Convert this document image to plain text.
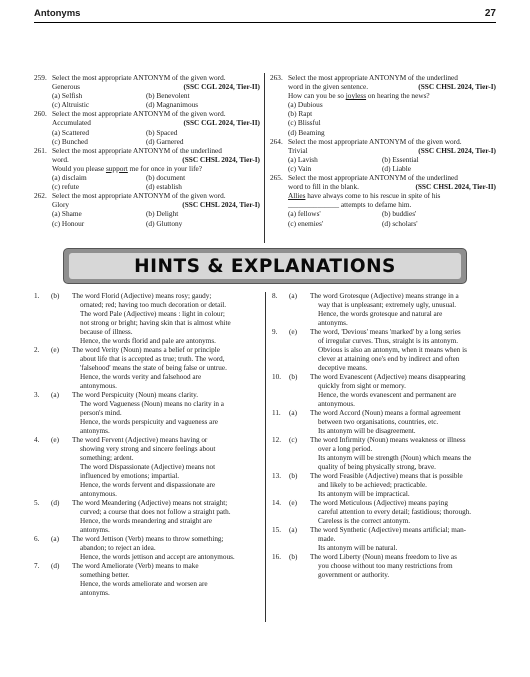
Antonyms	27
259. Select the most appropriate ANTONYM of the given word.
Generous	(SSC CGL 2024, Tier-II)
(a) Selfish	(b) Benevolent
(c) Altruistic	(d) Magnanimous
260. Select the most appropriate ANTONYM of the given word.
Accumulated	(SSC CGL 2024, Tier-II)
(a) Scattered	(b) Spaced
(c) Bunched	(d) Garnered
261. Select the most appropriate ANTONYM of the underlined
word.	(SSC CHSL 2024, Tier-I)
Would you please support me for once in your life?
(a) disclaim	(b) document
(c) refute	(d) establish
262. Select the most appropriate ANTONYM of the given word.
Glory	(SSC CHSL 2024, Tier-I)
(a) Shame	(b) Delight
(c) Honour	(d) Gluttony
263. Select the most appropriate ANTONYM of the underlined
word in the given sentence.	(SSC CHSL 2024, Tier-I)
How can you be so joyless on hearing the news?
(a) Dubious
(b) Rapt
(c) Blissful
(d) Beaming
264. Select the most appropriate ANTONYM of the given word.
Trivial	(SSC CHSL 2024, Tier-I)
(a) Lavish	(b) Essential
(c) Vain	(d) Liable
265. Select the most appropriate ANTONYM of the underlined
word to fill in the blank.	(SSC CHSL 2024, Tier-II)
Allies have always come to his rescue in spite of his
______________ attempts to defame him.
(a) fellows'	(b) buddies'
(c) enemies'	(d) scholars'
HINTS & EXPLANATIONS
1. (b) The word Florid (Adjective) means rosy; gaudy;
ornated; red; having too much decoration or detail.
The word Pale (Adjective) means : light in colour;
not strong or bright; having skin that is almost white
because of illness.
Hence, the words florid and pale are antonyms.
2. (e) The word Verity (Noun) means a belief or principle
about life that is accepted as true; truth. The word,
'falsehood' means the state of being false or untrue.
Hence, the words verity and falsehood are
antonymous.
3. (a) The word Perspicuity (Noun) means clarity.
The word Vagueness (Noun) means no clarity in a
person's mind.
Hence, the words perspicuity and vagueness are
antonyms.
4. (e) The word Fervent (Adjective) means having or
showing very strong and sincere feelings about
something; ardent.
The word Dispassionate (Adjective) means not
influenced by emotions; impartial.
Hence, the words fervent and dispassionate are
antonymous.
5. (d) The word Meandering (Adjective) means not straight;
curved; a course that does not follow a straight path.
Hence, the words meandering and straight are
antonyms.
6. (a) The word Jettison (Verb) means to throw something;
abandon; to reject an idea.
Hence, the words jettison and accept are antonymous.
7. (d) The word Ameliorate (Verb) means to make
something better.
Hence, the words ameliorate and worsen are
antonyms.
8. (a) The word Grotesque (Adjective) means strange in a
way that is unpleasant; extremely ugly, unusual.
Hence, the words grotesque and natural are
antonyms.
9. (e) The word, 'Devious' means 'marked' by a long series
of irregular curves. Thus, straight is its antonym.
Obvious is also an antonym, when it means when is
clever at attaining one's end by indirect and often
deceptive means.
10. (b) The word Evanescent (Adjective) means disappearing
quickly from sight or memory.
Hence, the words evanescent and permanent are
antonymous.
11. (a) The word Accord (Noun) means a formal agreement
between two organisations, countries, etc.
Its antonym will be disagreement.
12. (c) The word Infirmity (Noun) means weakness or illness
over a long period.
Its antonym will be strength (Noun) which means the
quality of being physically strong, brave.
13. (b) The word Feasible (Adjective) means that is possible
and likely to be achieved; practicable.
Its antonym will be impractical.
14. (e) The word Meticulous (Adjective) means paying
careful attention to every detail; fastidious; thorough.
Careless is the correct antonym.
15. (a) The word Synthetic (Adjective) means artificial; man-
made.
Its antonym will be natural.
16. (b) The word Liberty (Noun) means freedom to live as
you choose without too many restrictions from
government or authority.
